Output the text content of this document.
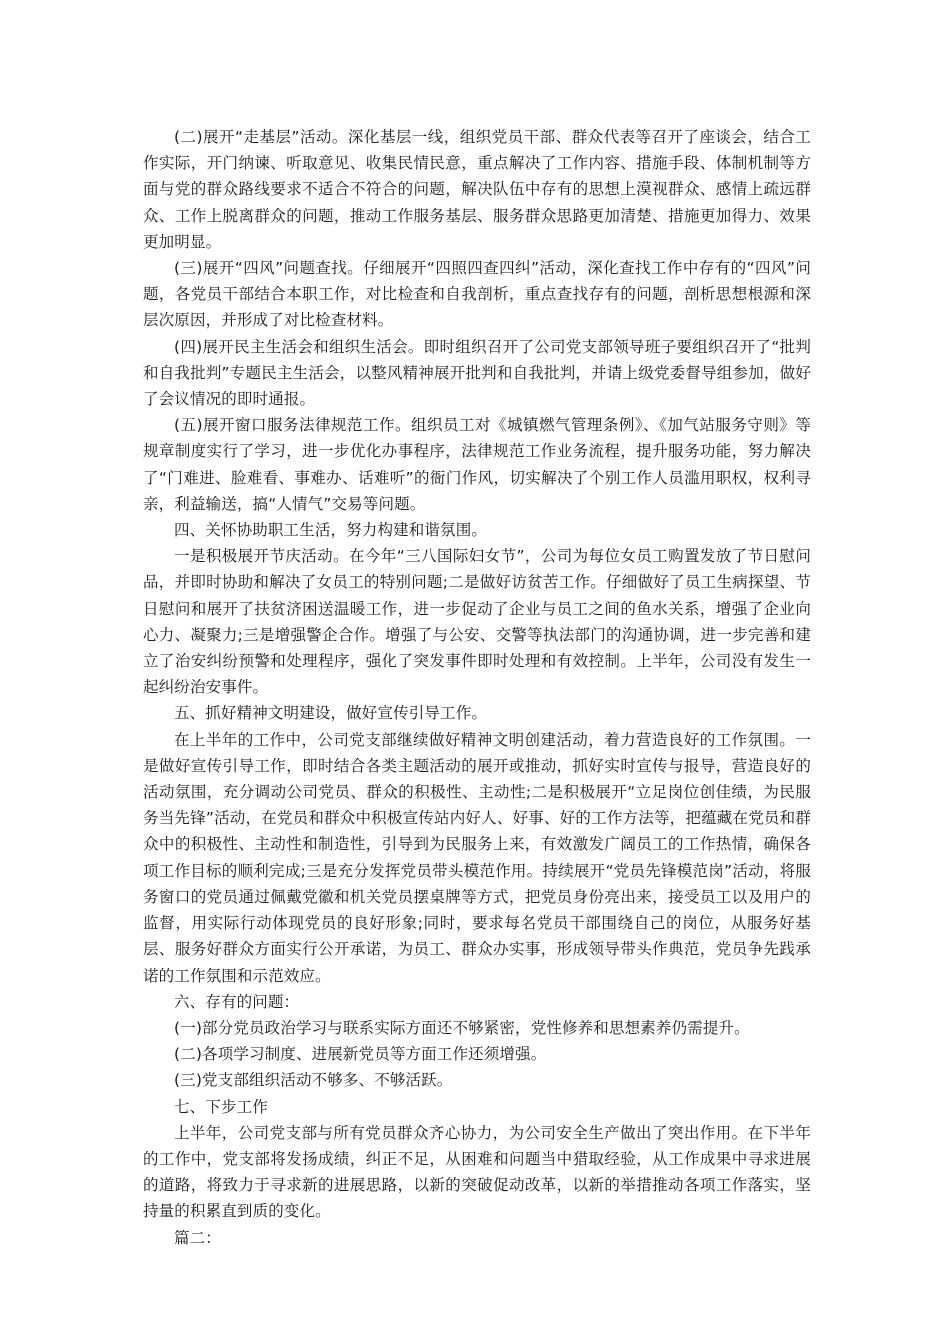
(二)展开“走基层”活动。深化基层一线，组织党员干部、群众代表等召开了座谈会，结合工作实际，开门纳谏、听取意见、收集民情民意，重点解决了工作内容、措施手段、体制机制等方面与党的群众路线要求不适合不符合的问题，解决队伍中存有的思想上漠视群众、感情上疏远群众、工作上脱离群众的问题，推动工作服务基层、服务群众思路更加清楚、措施更加得力、效果更加明显。

(三)展开“四风”问题查找。仔细展开“四照四查四纠”活动，深化查找工作中存有的“四风”问题，各党员干部结合本职工作，对比检查和自我剖析，重点查找存有的问题，剖析思想根源和深层次原因，并形成了对比检查材料。

(四)展开民主生活会和组织生活会。即时组织召开了公司党支部领导班子要组织召开了“批判和自我批判”专题民主生活会，以整风精神展开批判和自我批判，并请上级党委督导组参加，做好了会议情况的即时通报。

(五)展开窗口服务法律规范工作。组织员工对《城镇燃气管理条例》、《加气站服务守则》等规章制度实行了学习，进一步优化办事程序，法律规范工作业务流程，提升服务功能，努力解决了“门难进、脸难看、事难办、话难听”的衙门作风，切实解决了个别工作人员滥用职权，权利寻亲，利益输送，搞“人情气”交易等问题。

四、关怀协助职工生活，努力构建和谐氛围。

一是积极展开节庆活动。在今年“三八国际妇女节”，公司为每位女员工购置发放了节日慰问品，并即时协助和解决了女员工的特别问题;二是做好访贫苦工作。仔细做好了员工生病探望、节日慰问和展开了扶贫济困送温暖工作，进一步促动了企业与员工之间的鱼水关系，增强了企业向心力、凝聚力;三是增强警企合作。增强了与公安、交警等执法部门的沟通协调，进一步完善和建立了治安纠纷预警和处理程序，强化了突发事件即时处理和有效控制。上半年，公司没有发生一起纠纷治安事件。

五、抓好精神文明建设，做好宣传引导工作。

在上半年的工作中，公司党支部继续做好精神文明创建活动，着力营造良好的工作氛围。一是做好宣传引导工作，即时结合各类主题活动的展开或推动，抓好实时宣传与报导，营造良好的活动氛围，充分调动公司党员、群众的积极性、主动性;二是积极展开“立足岗位创佳绩，为民服务当先锋”活动，在党员和群众中积极宣传站内好人、好事、好的工作方法等，把蕴藏在党员和群众中的积极性、主动性和制造性，引导到为民服务上来，有效激发广阔员工的工作热情，确保各项工作目标的顺利完成;三是充分发挥党员带头模范作用。持续展开“党员先锋模范岗”活动，将服务窗口的党员通过佩戴党徽和机关党员摆桌牌等方式，把党员身份亮出来，接受员工以及用户的监督，用实际行动体现党员的良好形象;同时，要求每名党员干部围绕自己的岗位，从服务好基层、服务好群众方面实行公开承诺，为员工、群众办实事，形成领导带头作典范，党员争先践承诺的工作氛围和示范效应。

六、存有的问题：

(一)部分党员政治学习与联系实际方面还不够紧密，党性修养和思想素养仍需提升。

(二)各项学习制度、进展新党员等方面工作还须增强。

(三)党支部组织活动不够多、不够活跃。

七、下步工作

上半年，公司党支部与所有党员群众齐心协力，为公司安全生产做出了突出作用。在下半年的工作中，党支部将发扬成绩，纠正不足，从困难和问题当中猎取经验，从工作成果中寻求进展的道路，将致力于寻求新的进展思路，以新的突破促动改革，以新的举措推动各项工作落实，坚持量的积累直到质的变化。

篇二：
